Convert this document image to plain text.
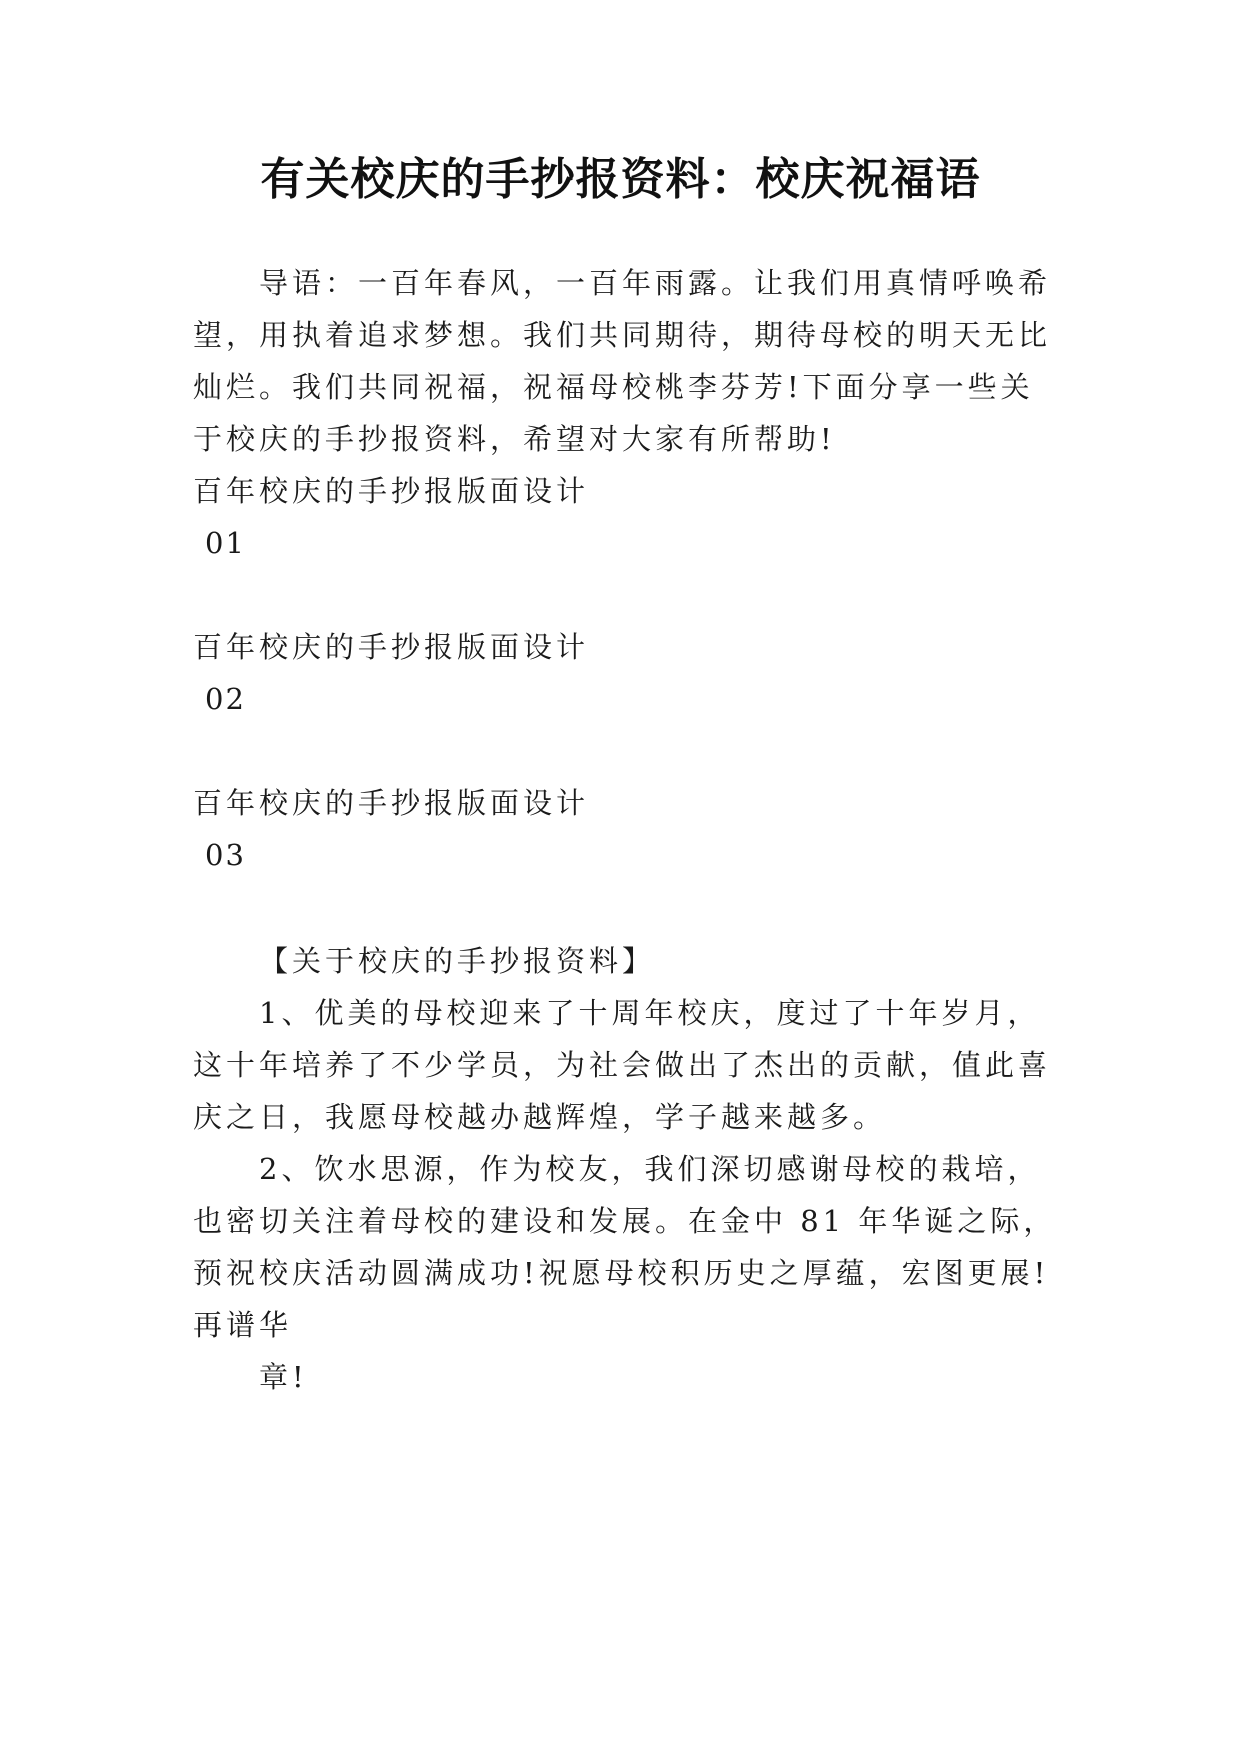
有关校庆的手抄报资料：校庆祝福语
导语：一百年春风，一百年雨露。让我们用真情呼唤希
望，用执着追求梦想。我们共同期待，期待母校的明天无比
灿烂。我们共同祝福，祝福母校桃李芬芳!下面分享一些关
于校庆的手抄报资料，希望对大家有所帮助!
百年校庆的手抄报版面设计
01
百年校庆的手抄报版面设计
02
百年校庆的手抄报版面设计
03
【关于校庆的手抄报资料】
1、优美的母校迎来了十周年校庆，度过了十年岁月，
这十年培养了不少学员，为社会做出了杰出的贡献，值此喜
庆之日，我愿母校越办越辉煌，学子越来越多。
2、饮水思源，作为校友，我们深切感谢母校的栽培，
也密切关注着母校的建设和发展。在金中 81 年华诞之际，
预祝校庆活动圆满成功!祝愿母校积历史之厚蕴，宏图更展!
再谱华
章!
